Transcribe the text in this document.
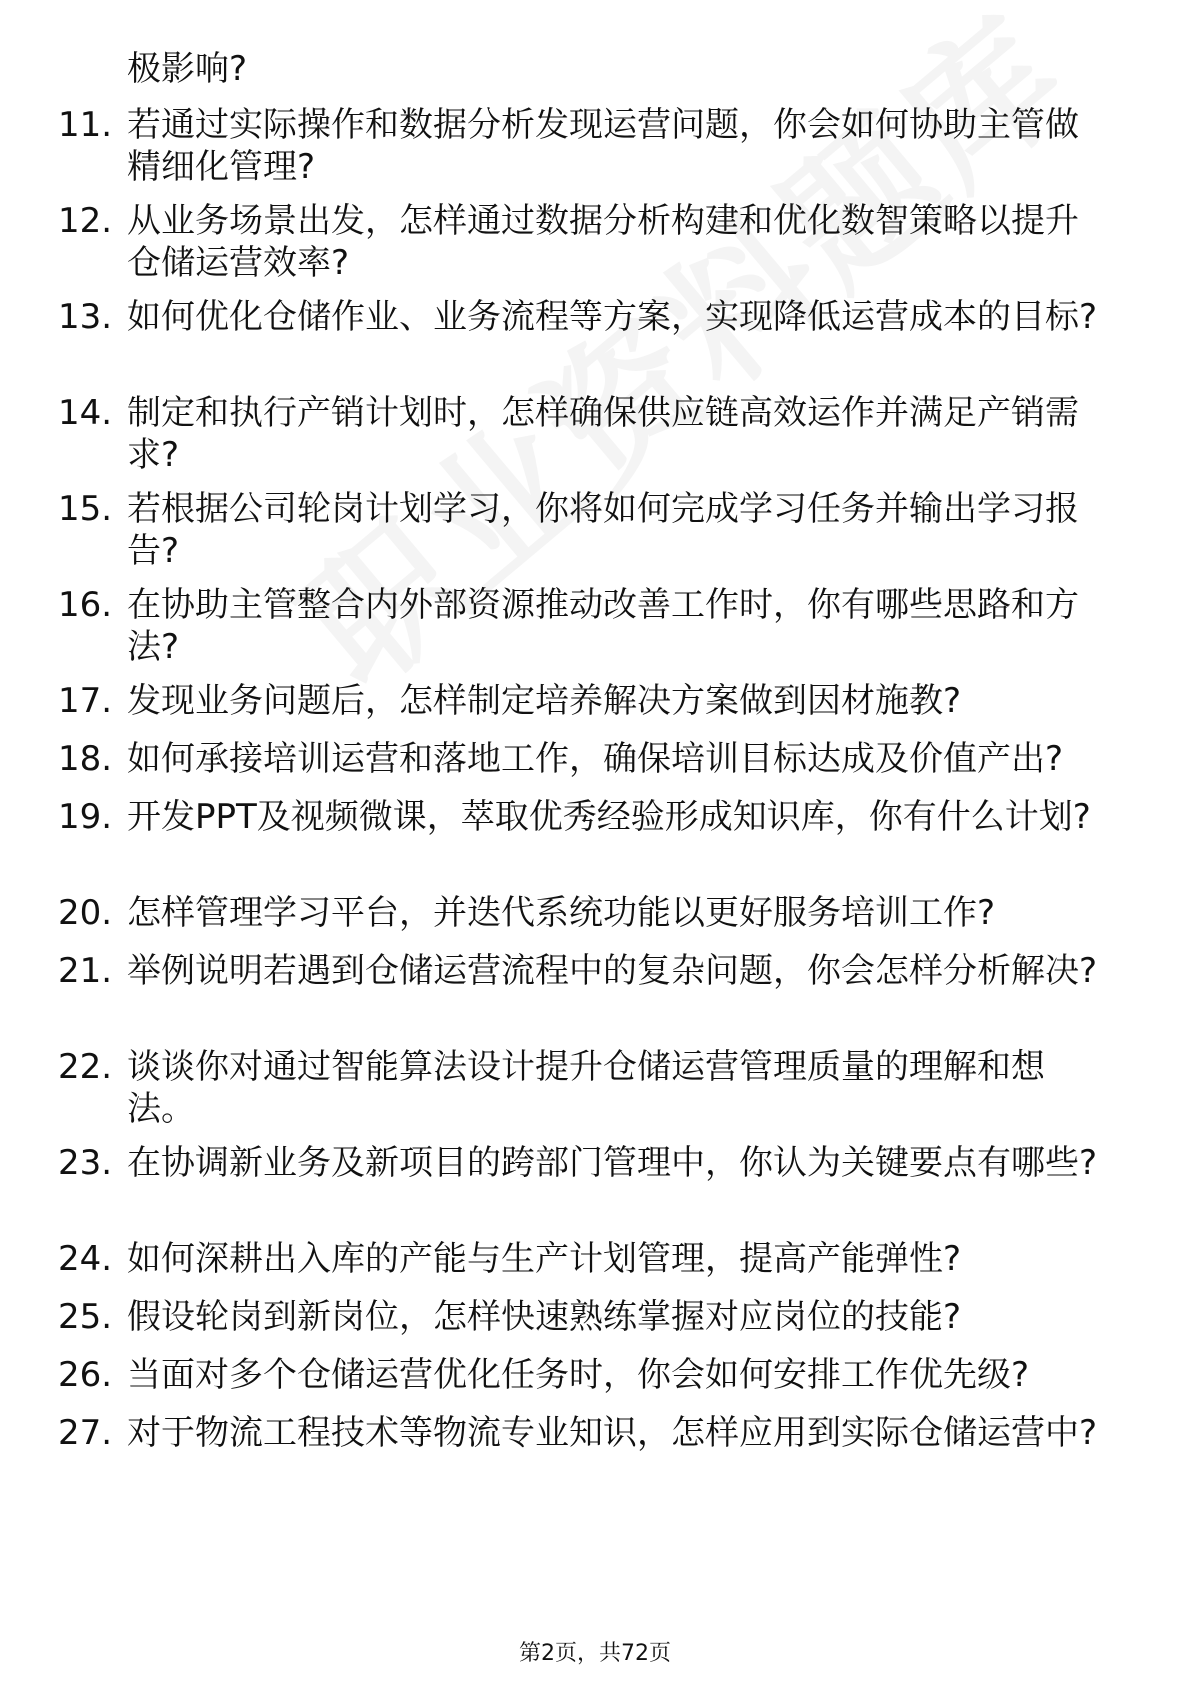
极影响?
11. 若通过实际操作和数据分析发现运营问题，你会如何协助主管做精细化管理?
12. 从业务场景出发，怎样通过数据分析构建和优化数智策略以提升仓储运营效率?
13. 如何优化仓储作业、业务流程等方案，实现降低运营成本的目标?
14. 制定和执行产销计划时，怎样确保供应链高效运作并满足产销需求?
15. 若根据公司轮岗计划学习，你将如何完成学习任务并输出学习报告?
16. 在协助主管整合内外部资源推动改善工作时，你有哪些思路和方法?
17. 发现业务问题后，怎样制定培养解决方案做到因材施教?
18. 如何承接培训运营和落地工作，确保培训目标达成及价值产出?
19. 开发PPT及视频微课，萃取优秀经验形成知识库，你有什么计划?
20. 怎样管理学习平台，并迭代系统功能以更好服务培训工作?
21. 举例说明若遇到仓储运营流程中的复杂问题，你会怎样分析解决?
22. 谈谈你对通过智能算法设计提升仓储运营管理质量的理解和想法。
23. 在协调新业务及新项目的跨部门管理中，你认为关键要点有哪些?
24. 如何深耕出入库的产能与生产计划管理，提高产能弹性?
25. 假设轮岗到新岗位，怎样快速熟练掌握对应岗位的技能?
26. 当面对多个仓储运营优化任务时，你会如何安排工作优先级?
27. 对于物流工程技术等物流专业知识，怎样应用到实际仓储运营中?
第2页，共72页
